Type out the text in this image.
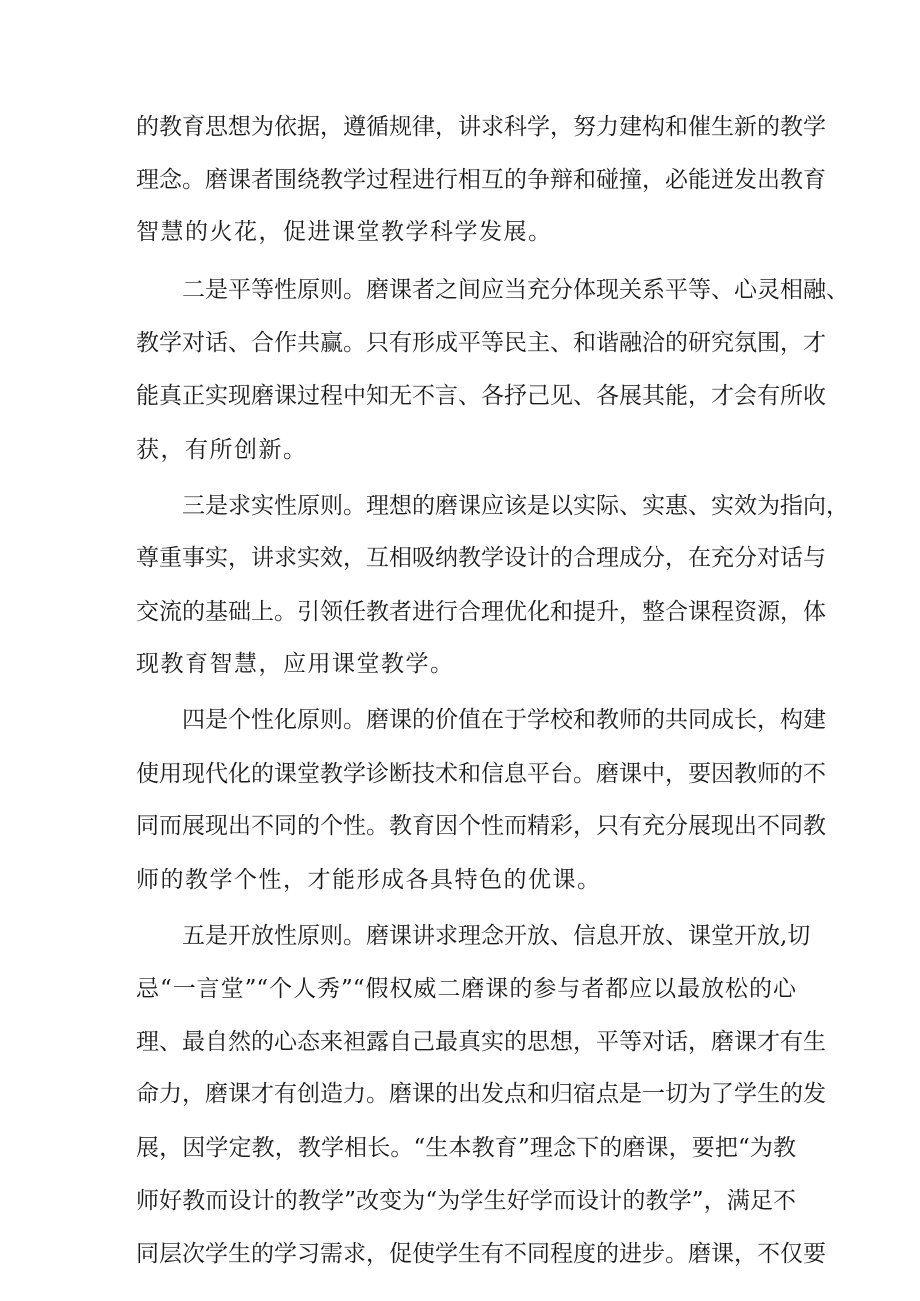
的教育思想为依据，遵循规律，讲求科学，努力建构和催生新的教学
理念。磨课者围绕教学过程进行相互的争辩和碰撞，必能迸发出教育
智慧的火花，促进课堂教学科学发展。
二是平等性原则。磨课者之间应当充分体现关系平等、心灵相融、
教学对话、合作共赢。只有形成平等民主、和谐融洽的研究氛围，才
能真正实现磨课过程中知无不言、各抒己见、各展其能，才会有所收
获，有所创新。
三是求实性原则。理想的磨课应该是以实际、实惠、实效为指向，
尊重事实，讲求实效，互相吸纳教学设计的合理成分，在充分对话与
交流的基础上。引领任教者进行合理优化和提升，整合课程资源，体
现教育智慧，应用课堂教学。
四是个性化原则。磨课的价值在于学校和教师的共同成长，构建
使用现代化的课堂教学诊断技术和信息平台。磨课中，要因教师的不
同而展现出不同的个性。教育因个性而精彩，只有充分展现出不同教
师的教学个性，才能形成各具特色的优课。
五是开放性原则。磨课讲求理念开放、信息开放、课堂开放,切
忌“一言堂”“个人秀”“假权威二磨课的参与者都应以最放松的心
理、最自然的心态来袒露自己最真实的思想，平等对话，磨课才有生
命力，磨课才有创造力。磨课的出发点和归宿点是一切为了学生的发
展，因学定教，教学相长。“生本教育”理念下的磨课，要把“为教
师好教而设计的教学”改变为“为学生好学而设计的教学”，满足不
同层次学生的学习需求，促使学生有不同程度的进步。磨课，不仅要
